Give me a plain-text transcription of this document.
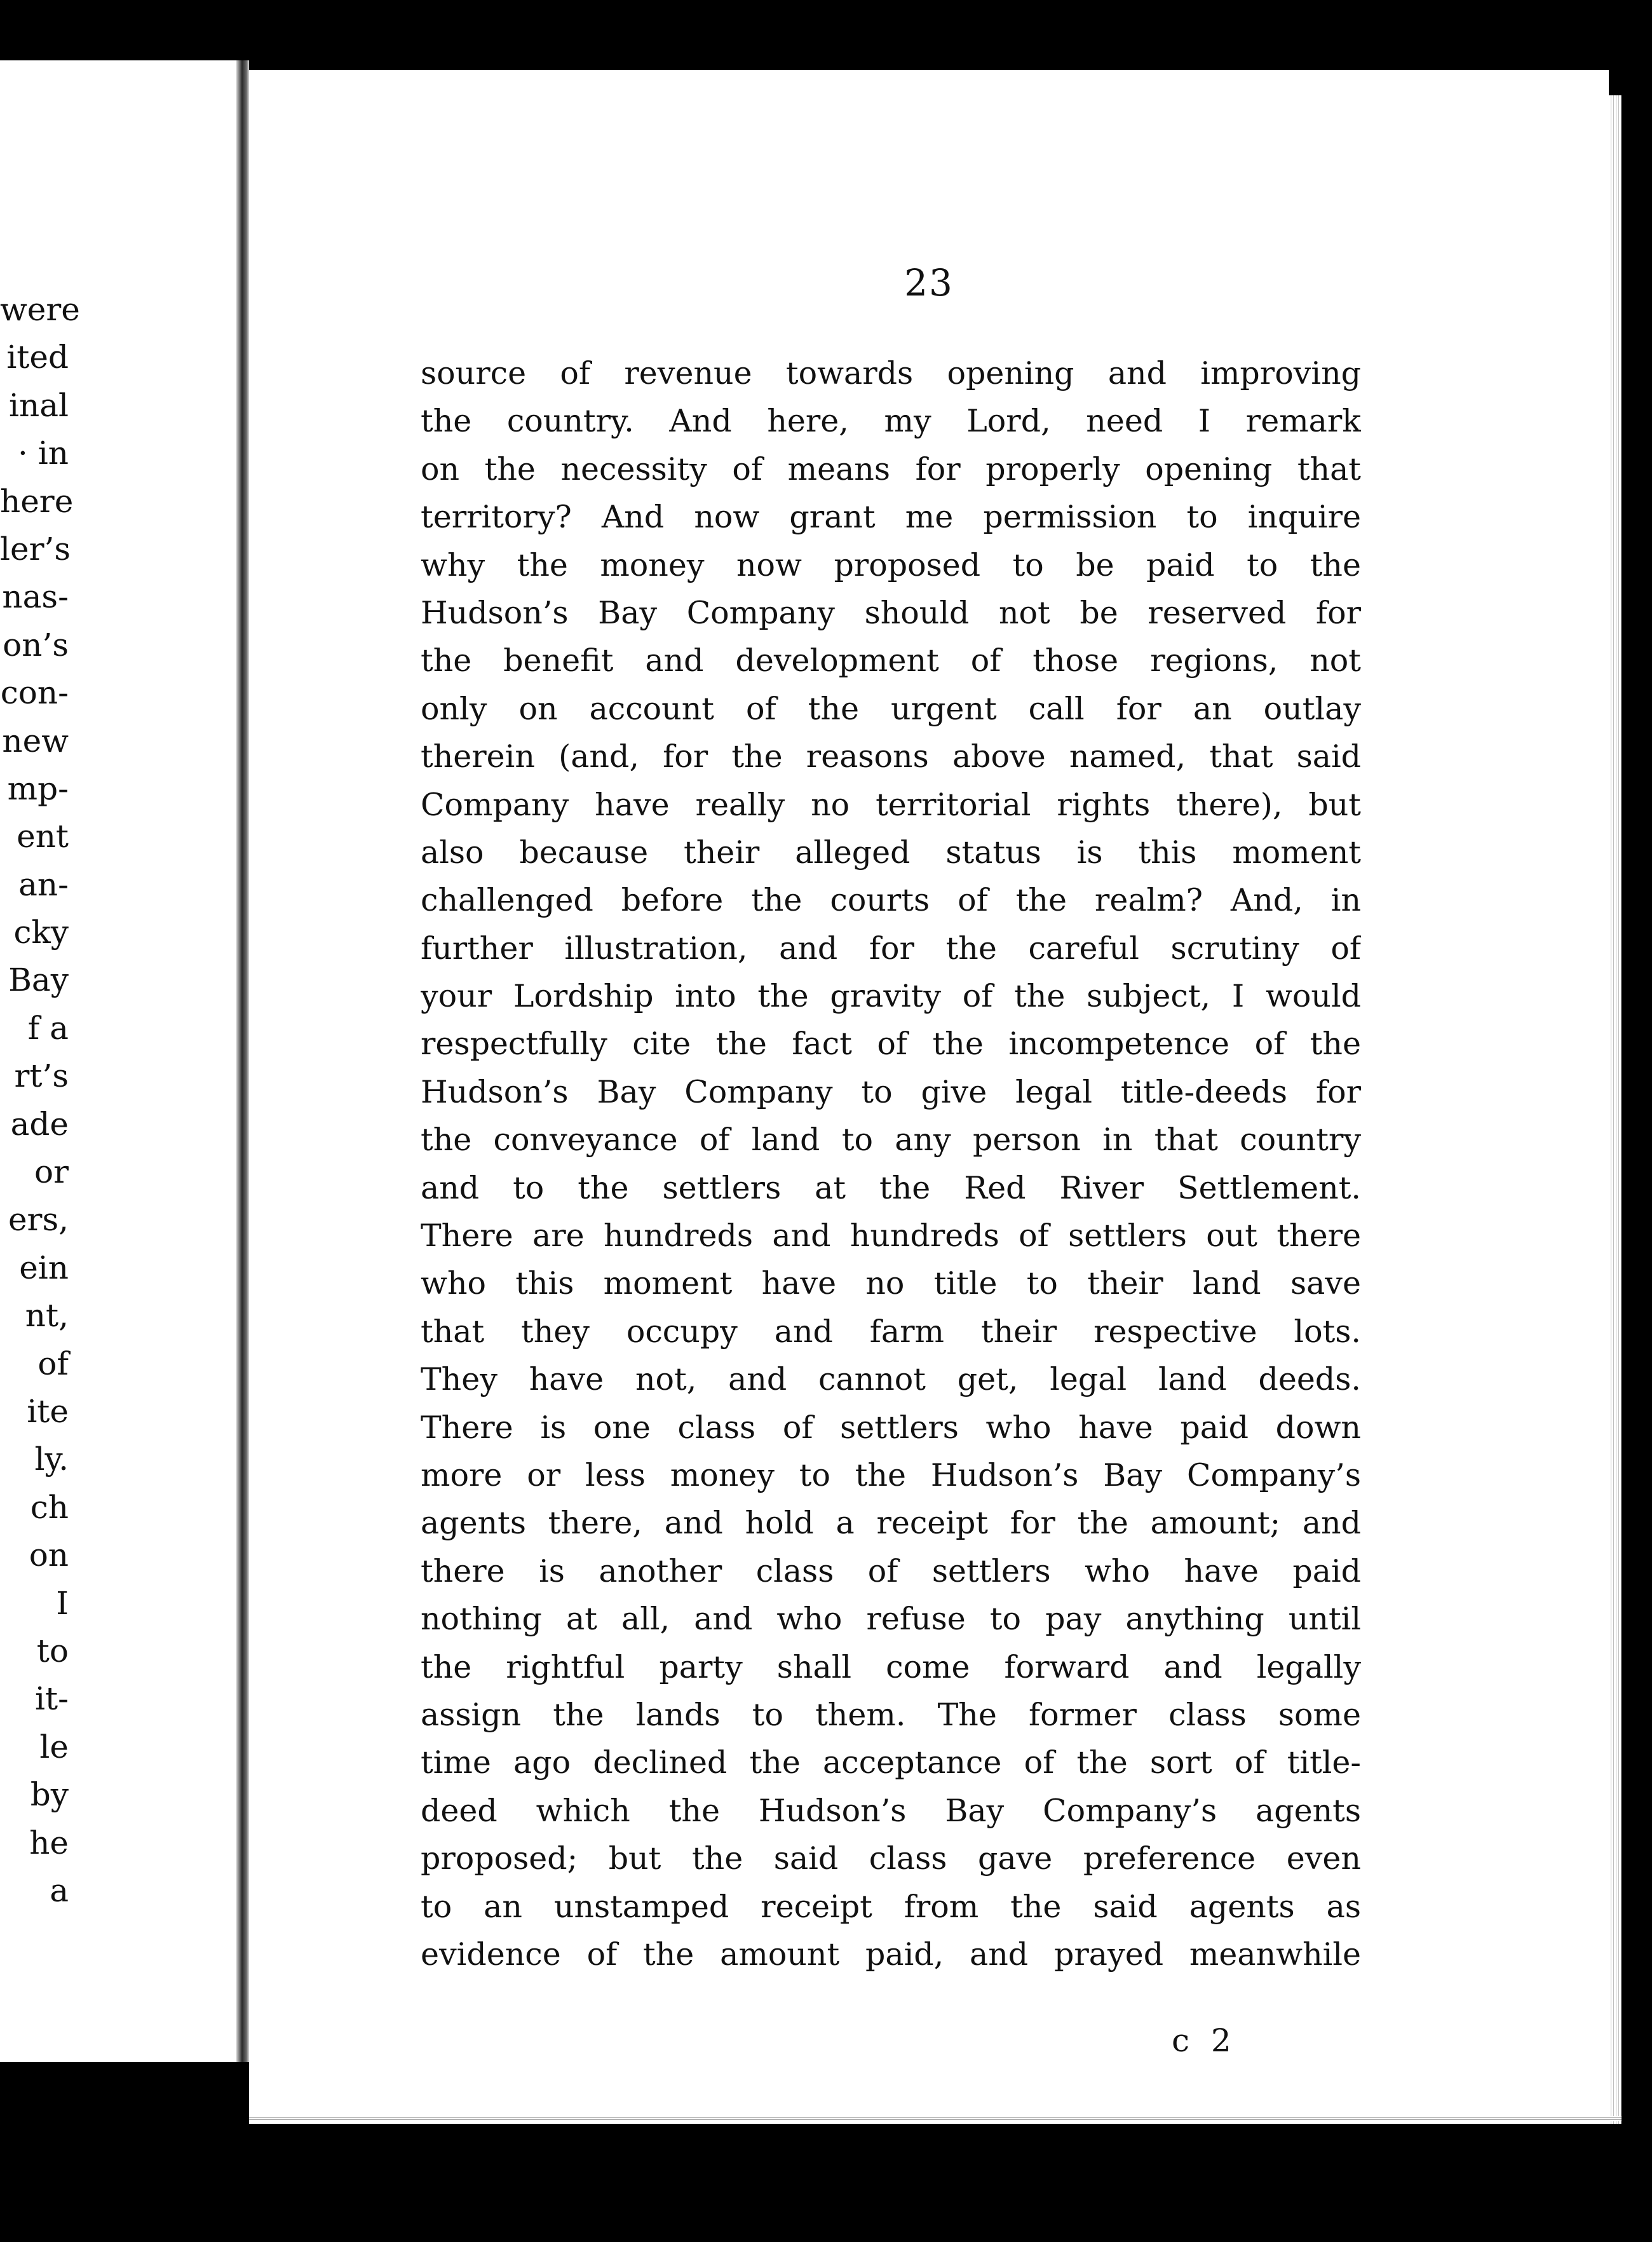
were
ited
inal
· in
here
ler’s
nas-
on’s
con-
new
mp-
ent
an-
cky
Bay
f a
rt’s
ade
or
ers,
ein
nt,
of
ite
ly.
ch
on
I
to
it-
le
by
he
a
23
source of revenue towards opening and improving
the country. And here, my Lord, need I remark
on the necessity of means for properly opening that
territory? And now grant me permission to inquire
why the money now proposed to be paid to the
Hudson’s Bay Company should not be reserved for
the benefit and development of those regions, not
only on account of the urgent call for an outlay
therein (and, for the reasons above named, that said
Company have really no territorial rights there), but
also because their alleged status is this moment
challenged before the courts of the realm? And, in
further illustration, and for the careful scrutiny of
your Lordship into the gravity of the subject, I would
respectfully cite the fact of the incompetence of the
Hudson’s Bay Company to give legal title-deeds for
the conveyance of land to any person in that country
and to the settlers at the Red River Settlement.
There are hundreds and hundreds of settlers out there
who this moment have no title to their land save
that they occupy and farm their respective lots.
They have not, and cannot get, legal land deeds.
There is one class of settlers who have paid down
more or less money to the Hudson’s Bay Company’s
agents there, and hold a receipt for the amount; and
there is another class of settlers who have paid
nothing at all, and who refuse to pay anything until
the rightful party shall come forward and legally
assign the lands to them. The former class some
time ago declined the acceptance of the sort of title-
deed which the Hudson’s Bay Company’s agents
proposed; but the said class gave preference even
to an unstamped receipt from the said agents as
evidence of the amount paid, and prayed meanwhile
c 2
